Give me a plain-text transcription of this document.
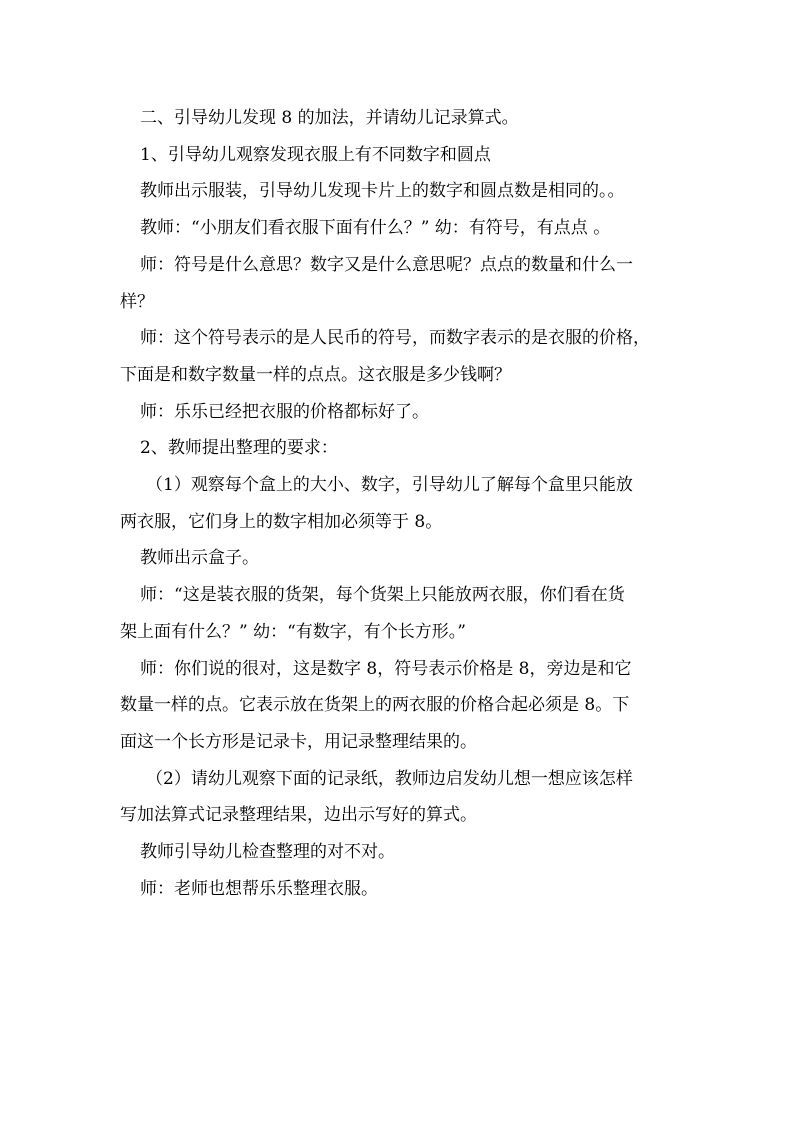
二、引导幼儿发现 8 的加法，并请幼儿记录算式。
1、引导幼儿观察发现衣服上有不同数字和圆点
教师出示服装，引导幼儿发现卡片上的数字和圆点数是相同的。。
教师：“小朋友们看衣服下面有什么？” 幼：有符号，有点点 。
师：符号是什么意思？数字又是什么意思呢？点点的数量和什么一
样？
师：这个符号表示的是人民币的符号，而数字表示的是衣服的价格，
下面是和数字数量一样的点点。这衣服是多少钱啊？
师：乐乐已经把衣服的价格都标好了。
2、教师提出整理的要求：
（1）观察每个盒上的大小、数字，引导幼儿了解每个盒里只能放
两衣服，它们身上的数字相加必须等于 8。
教师出示盒子。
师：“这是装衣服的货架，每个货架上只能放两衣服，你们看在货
架上面有什么？” 幼：“有数字，有个长方形。”
师：你们说的很对，这是数字 8，符号表示价格是 8，旁边是和它
数量一样的点。它表示放在货架上的两衣服的价格合起必须是 8。下
面这一个长方形是记录卡，用记录整理结果的。
（2）请幼儿观察下面的记录纸，教师边启发幼儿想一想应该怎样
写加法算式记录整理结果，边出示写好的算式。
教师引导幼儿检查整理的对不对。
师：老师也想帮乐乐整理衣服。
